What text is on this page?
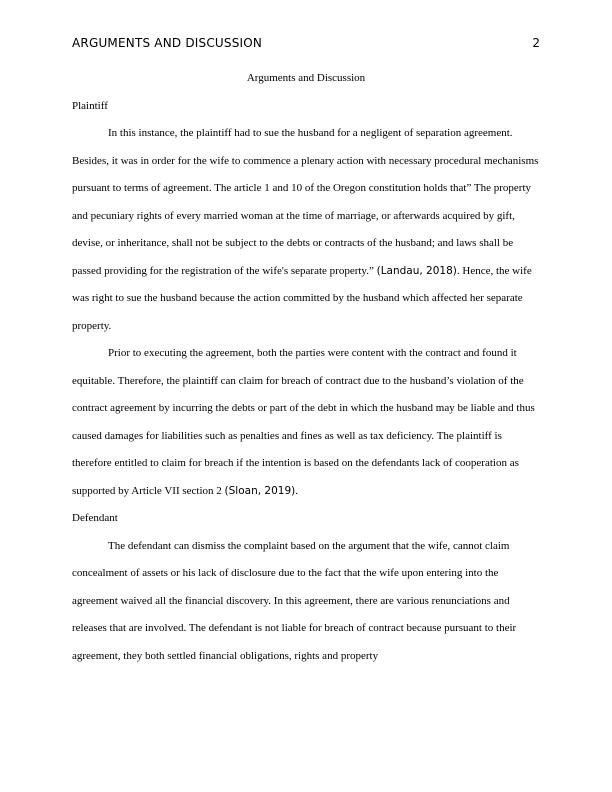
ARGUMENTS AND DISCUSSION	2

Arguments and Discussion

Plaintiff

In this instance, the plaintiff had to sue the husband for a negligent of separation agreement. Besides, it was in order for the wife to commence a plenary action with necessary procedural mechanisms pursuant to terms of agreement. The article 1 and 10 of the Oregon constitution holds that” The property and pecuniary rights of every married woman at the time of marriage, or afterwards acquired by gift, devise, or inheritance, shall not be subject to the debts or contracts of the husband; and laws shall be passed providing for the registration of the wife's separate property.” (Landau, 2018). Hence, the wife was right to sue the husband because the action committed by the husband which affected her separate property.

Prior to executing the agreement, both the parties were content with the contract and found it equitable. Therefore, the plaintiff can claim for breach of contract due to the husband’s violation of the contract agreement by incurring the debts or part of the debt in which the husband may be liable and thus caused damages for liabilities such as penalties and fines as well as tax deficiency. The plaintiff is therefore entitled to claim for breach if the intention is based on the defendants lack of cooperation as supported by Article VII section 2 (Sloan, 2019).

Defendant

The defendant can dismiss the complaint based on the argument that the wife, cannot claim concealment of assets or his lack of disclosure due to the fact that the wife upon entering into the agreement waived all the financial discovery. In this agreement, there are various renunciations and releases that are involved. The defendant is not liable for breach of contract because pursuant to their agreement, they both settled financial obligations, rights and property
